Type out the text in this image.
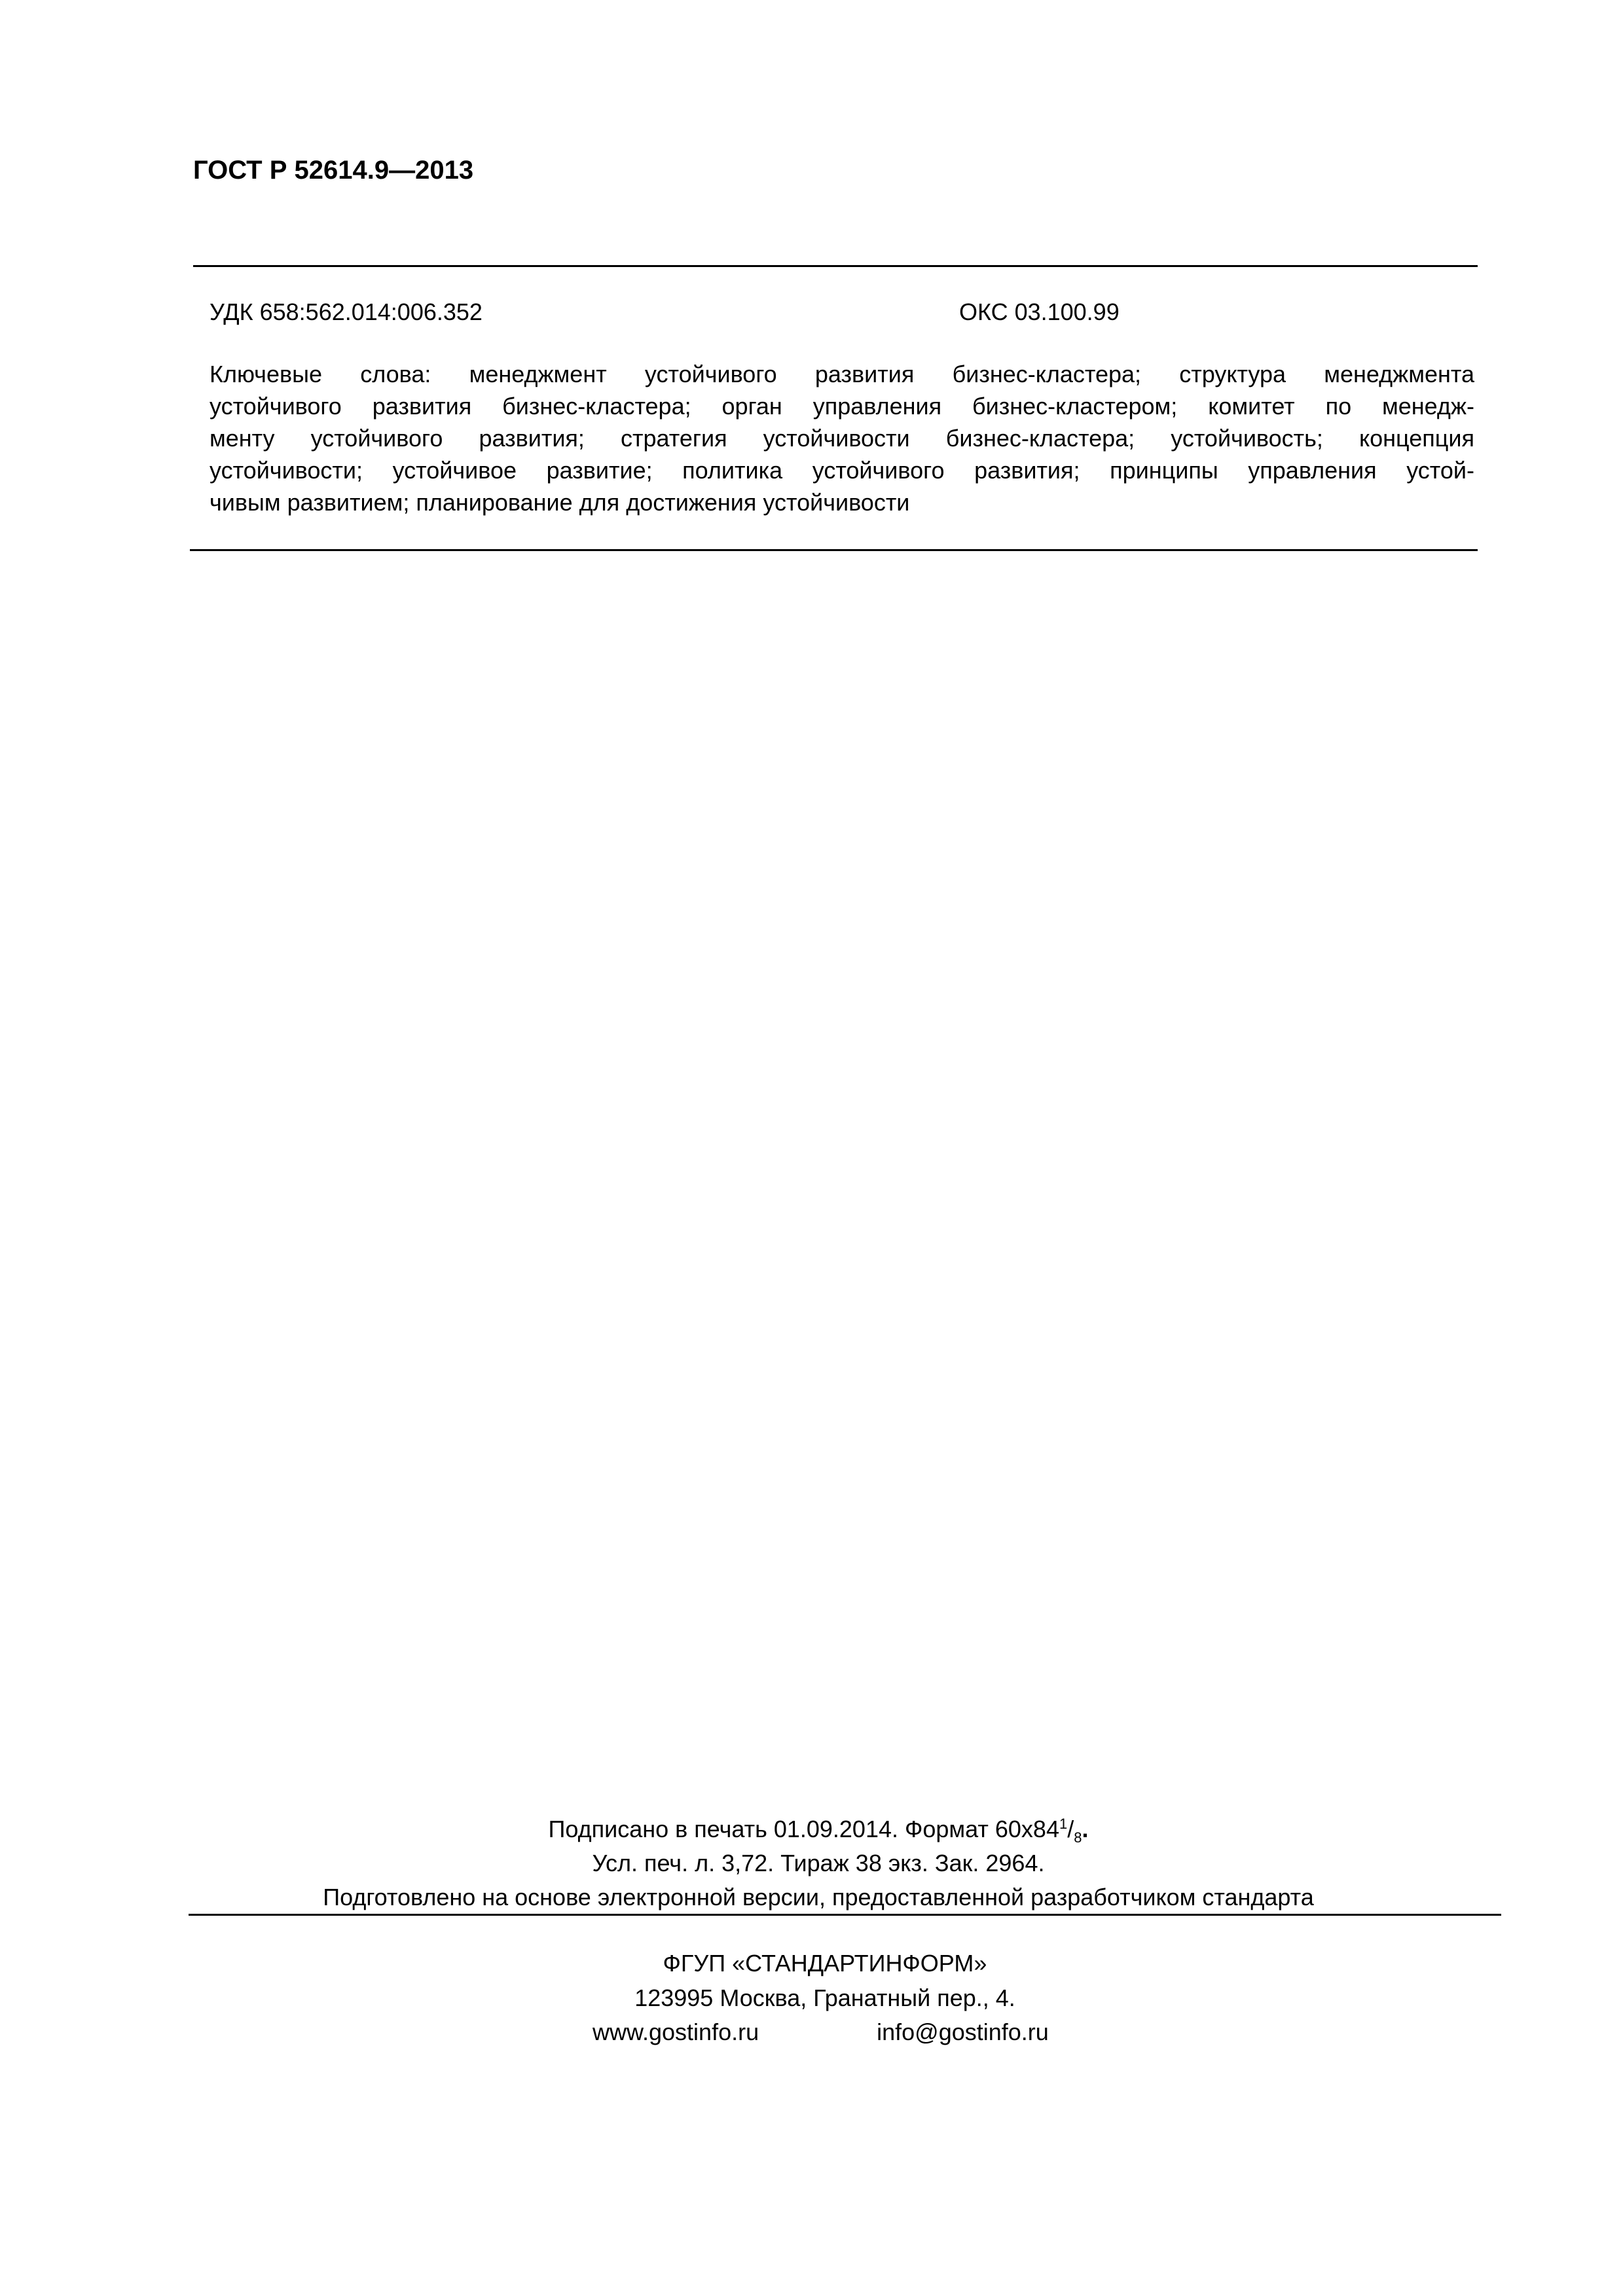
ГОСТ Р 52614.9—2013
УДК 658:562.014:006.352	ОКС 03.100.99
Ключевые слова: менеджмент устойчивого развития бизнес-кластера; структура менеджмента
устойчивого развития бизнес-кластера; орган управления бизнес-кластером; комитет по менедж-
менту устойчивого развития; стратегия устойчивости бизнес-кластера; устойчивость; концепция
устойчивости; устойчивое развитие; политика устойчивого развития; принципы управления устой-
чивым развитием; планирование для достижения устойчивости
Подписано в печать 01.09.2014. Формат $60х84^1/_8$.
Усл. печ. л. 3,72. Тираж 38 экз. Зак. 2964.
Подготовлено на основе электронной версии, предоставленной разработчиком стандарта
ФГУП «СТАНДАРТИНФОРМ»
123995 Москва, Гранатный пер., 4.
www.gostinfo.ru	info@gostinfo.ru
